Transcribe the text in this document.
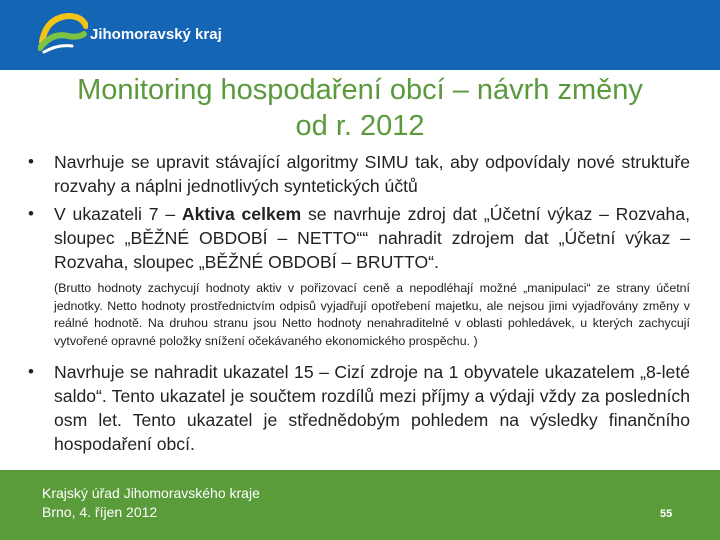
Jihomoravský kraj
Monitoring hospodaření obcí – návrh změny
od r. 2012
• Navrhuje se upravit stávající algoritmy SIMU tak, aby odpovídaly nové struktuře rozvahy a náplni jednotlivých syntetických účtů
• V ukazateli 7 – Aktiva celkem se navrhuje zdroj dat „Účetní výkaz – Rozvaha, sloupec „BĚŽNÉ OBDOBÍ – NETTO““ nahradit zdrojem dat „Účetní výkaz – Rozvaha, sloupec „BĚŽNÉ OBDOBÍ – BRUTTO“.
(Brutto hodnoty zachycují hodnoty aktiv v pořizovací ceně a nepodléhají možné „manipulaci“ ze strany účetní jednotky. Netto hodnoty prostřednictvím odpisů vyjadřují opotřebení majetku, ale nejsou jimi vyjadřovány změny v reálné hodnotě. Na druhou stranu jsou Netto hodnoty nenahraditelné v oblasti pohledávek, u kterých zachycují vytvořené opravné položky snížení očekávaného ekonomického prospěchu. )
• Navrhuje se nahradit ukazatel 15 – Cizí zdroje na 1 obyvatele ukazatelem „8-leté saldo“. Tento ukazatel je součtem rozdílů mezi příjmy a výdaji vždy za posledních osm let. Tento ukazatel je střednědobým pohledem na výsledky finančního hospodaření obcí.
Krajský úřad Jihomoravského kraje
Brno, 4. říjen 2012	55
